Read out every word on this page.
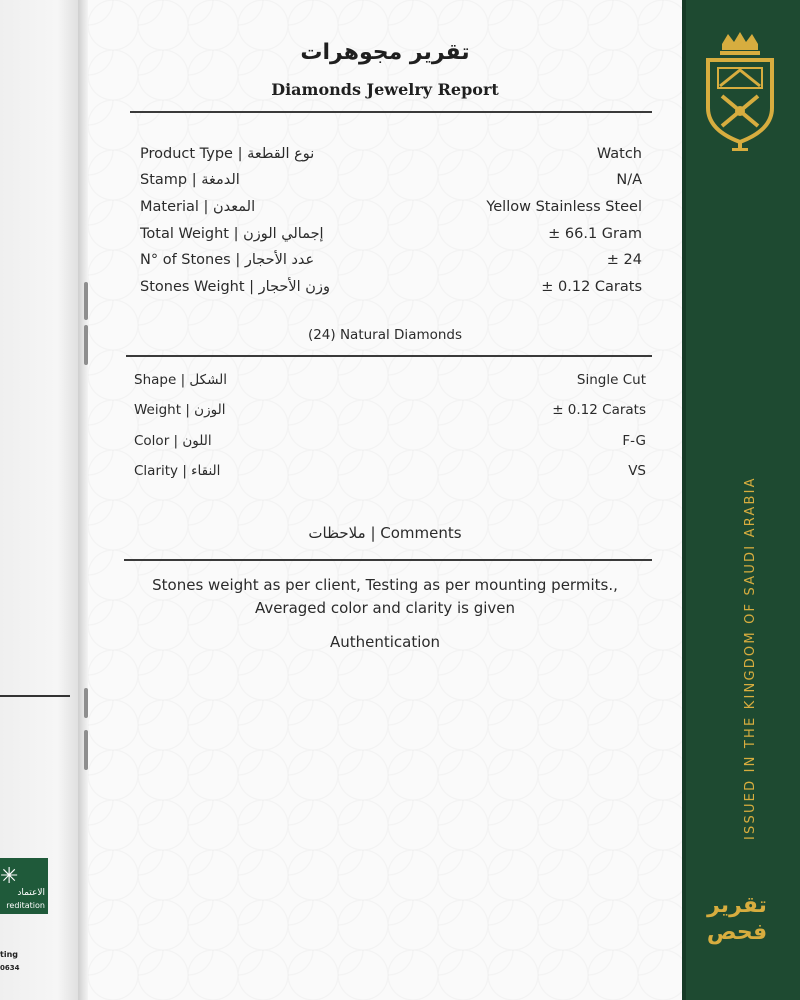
✳
الاعتماد
reditation
ting
0634
تقرير مجوهرات
Diamonds Jewelry Report
Product Type | نوع القطعة	Watch
Stamp | الدمغة	N/A
Material | المعدن	Yellow Stainless Steel
Total Weight | إجمالي الوزن	± 66.1 Gram
N° of Stones | عدد الأحجار	± 24
Stones Weight | وزن الأحجار	± 0.12 Carats
(24) Natural Diamonds
Shape | الشكل	Single Cut
Weight | الوزن	± 0.12 Carats
Color | اللون	F-G
Clarity | النقاء	VS
ملاحظات | Comments
Stones weight as per client, Testing as per mounting permits., Averaged color and clarity is given
Authentication	ISSUED IN THE KINGDOM OF SAUDI ARABIA
تقرير
فحص
